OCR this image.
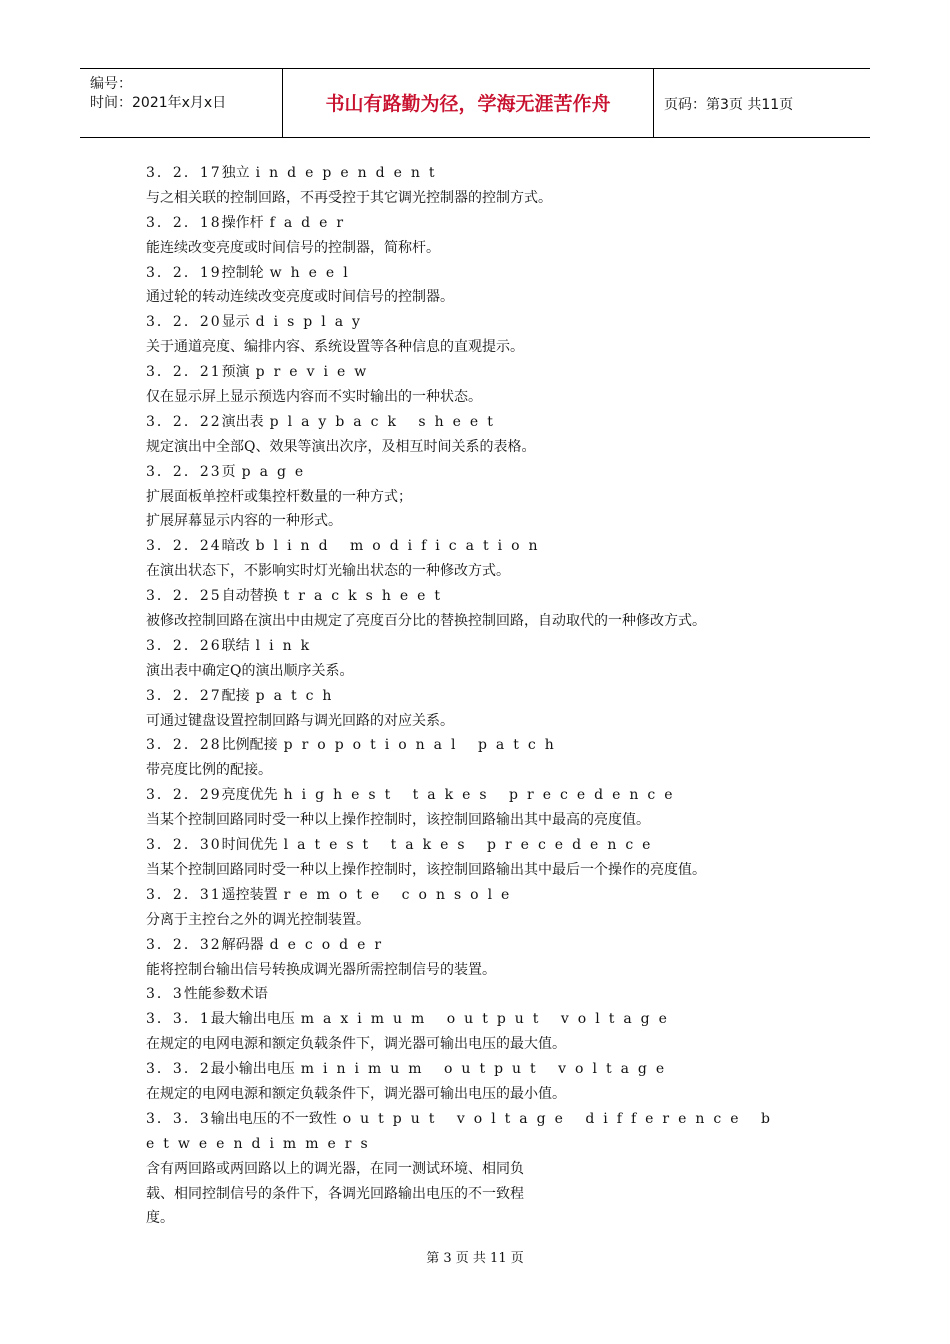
编号：
时间：2021年x月x日	书山有路勤为径，学海无涯苦作舟	页码：第3页 共11页
3．2．17独立 independent
与之相关联的控制回路，不再受控于其它调光控制器的控制方式。
3．2．18操作杆 fader
能连续改变亮度或时间信号的控制器，简称杆。
3．2．19控制轮 wheel
通过轮的转动连续改变亮度或时间信号的控制器。
3．2．20显示 display
关于通道亮度、编排内容、系统设置等各种信息的直观提示。
3．2．21预演 preview
仅在显示屏上显示预选内容而不实时输出的一种状态。
3．2．22演出表 playback sheet
规定演出中全部Q、效果等演出次序，及相互时间关系的表格。
3．2．23页 page
扩展面板单控杆或集控杆数量的一种方式；
扩展屏幕显示内容的一种形式。
3．2．24暗改 blind modification
在演出状态下，不影响实时灯光输出状态的一种修改方式。
3．2．25自动替换 tracksheet
被修改控制回路在演出中由规定了亮度百分比的替换控制回路，自动取代的一种修改方式。
3．2．26联结 link
演出表中确定Q的演出顺序关系。
3．2．27配接 patch
可通过键盘设置控制回路与调光回路的对应关系。
3．2．28比例配接 propotional patch
带亮度比例的配接。
3．2．29亮度优先 highest takes precedence
当某个控制回路同时受一种以上操作控制时，该控制回路输出其中最高的亮度值。
3．2．30时间优先 latest takes precedence
当某个控制回路同时受一种以上操作控制时，该控制回路输出其中最后一个操作的亮度值。
3．2．31遥控装置 remote console
分离于主控台之外的调光控制装置。
3．2．32解码器 decoder
能将控制台输出信号转换成调光器所需控制信号的装置。
3．3性能参数术语
3．3．1最大输出电压 maximum output voltage
在规定的电网电源和额定负载条件下，调光器可输出电压的最大值。
3．3．2最小输出电压 minimum output voltage
在规定的电网电源和额定负载条件下，调光器可输出电压的最小值。
3．3．3输出电压的不一致性 output voltage difference b
etweendimmers
含有两回路或两回路以上的调光器，在同一测试环境、相同负
载、相同控制信号的条件下，各调光回路输出电压的不一致程
度。
第 3 页 共 11 页
